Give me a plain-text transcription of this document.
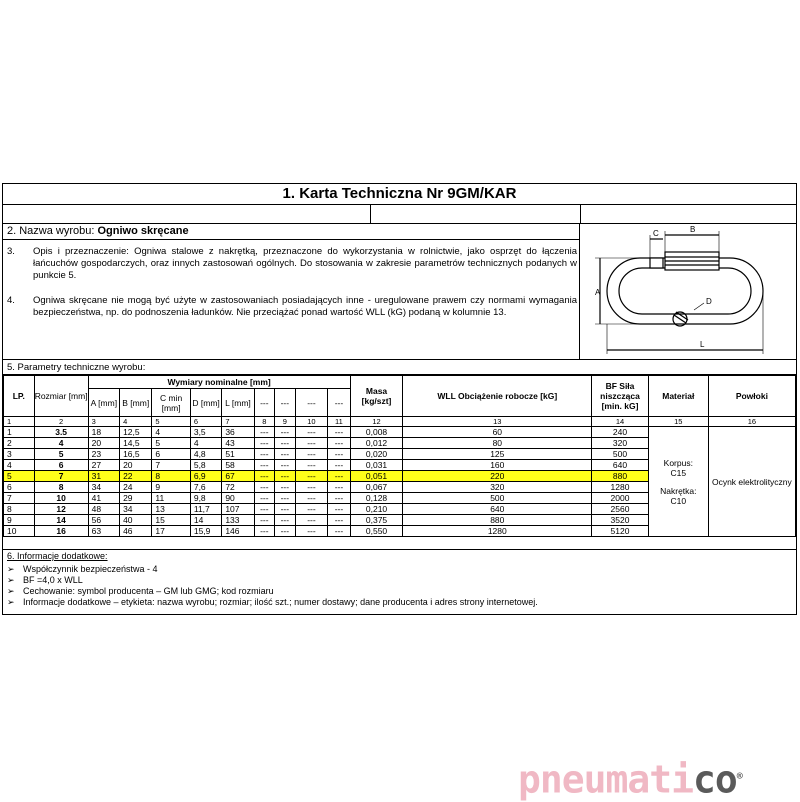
1. Karta Techniczna Nr 9GM/KAR
2. Nazwa wyrobu: Ogniwo skręcane
3. Opis i przeznaczenie: Ogniwa stalowe z nakrętką, przeznaczone do wykorzystania w rolnictwie, jako osprzęt do łączenia łańcuchów gospodarczych, oraz innych zastosowań ogólnych. Do stosowania w zakresie parametrów technicznych podanych w punkcie 5.
4. Ogniwa skręcane nie mogą być użyte w zastosowaniach posiadających inne - uregulowane prawem czy normami wymagania bezpieczeństwa, np. do podnoszenia ładunków. Nie przeciążać ponad wartość WLL (kG) podaną w kolumnie 13.
A
B
C
D
L
5. Parametry techniczne wyrobu:
LP.	Rozmiar [mm]	Wymiary nominalne [mm]									Masa [kg/szt]	WLL Obciążenie robocze [kG]	BF Siła niszcząca [min. kG]	Materiał	Powłoki
		A [mm]	B [mm]	C min [mm]	D [mm]	L [mm]	---	---	---	---					
1	2	3	4	5	6	7	8	9	10	11	12	13	14	15	16
1	3.5	18	12,5	4	3,5	36	---	---	---	---	0,008	60	240	Korpus:
C15
Nakrętka:
C10	Ocynk elektrolityczny
2	4	20	14,5	5	4	43	---	---	---	---	0,012	80	320		
3	5	23	16,5	6	4,8	51	---	---	---	---	0,020	125	500		
4	6	27	20	7	5,8	58	---	---	---	---	0,031	160	640		
5	7	31	22	8	6,9	67	---	---	---	---	0,051	220	880		
6	8	34	24	9	7,6	72	---	---	---	---	0,067	320	1280		
7	10	41	29	11	9,8	90	---	---	---	---	0,128	500	2000		
8	12	48	34	13	11,7	107	---	---	---	---	0,210	640	2560		
9	14	56	40	15	14	133	---	---	---	---	0,375	880	3520		
10	16	63	46	17	15,9	146	---	---	---	---	0,550	1280	5120		
6. Informacje dodatkowe:
➢ Współczynnik bezpieczeństwa - 4
➢ BF =4,0 x WLL
➢ Cechowanie: symbol producenta – GM lub GMG; kod rozmiaru
➢ Informacje dodatkowe – etykieta: nazwa wyrobu; rozmiar; ilość szt.; numer dostawy; dane producenta i adres strony internetowej.
pneumatico®
